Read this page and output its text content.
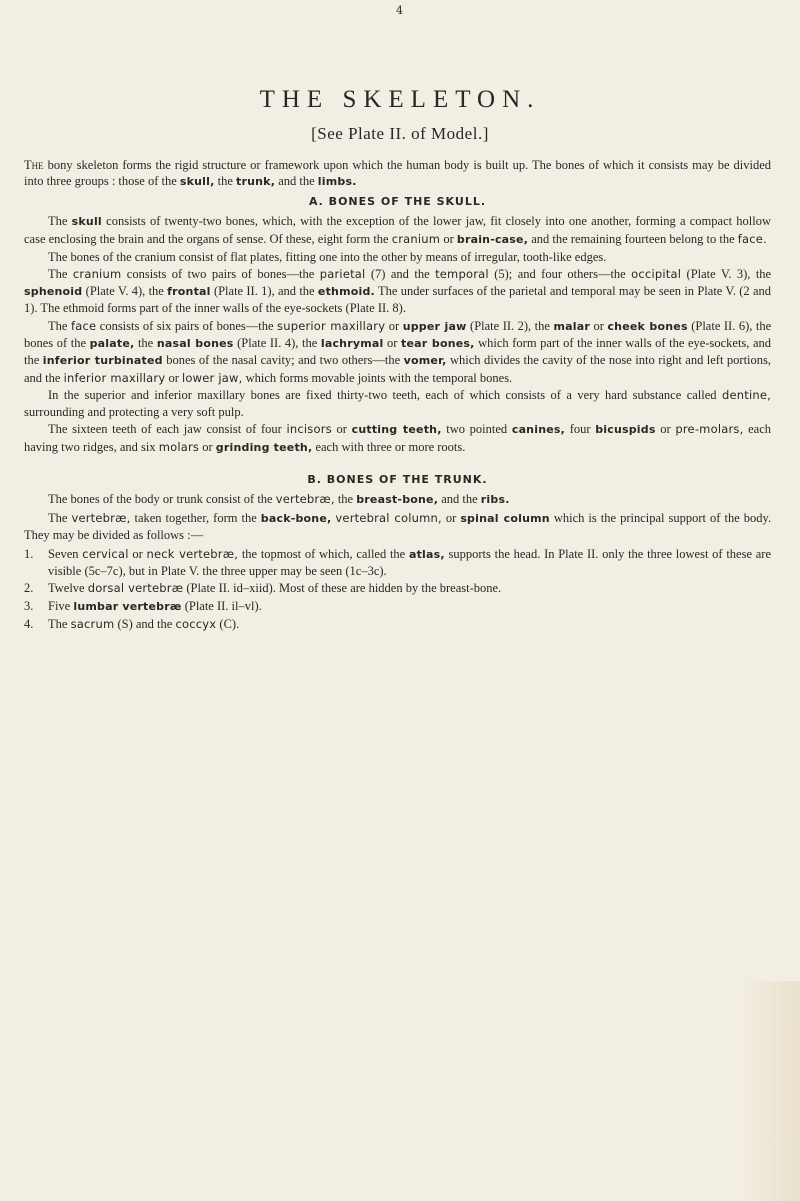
4
THE SKELETON.
[See Plate II. of Model.]

The bony skeleton forms the rigid structure or framework upon which the human body is built up. The bones of which it consists may be divided into three groups : those of the skull, the trunk, and the limbs.

A. BONES OF THE SKULL.

The skull consists of twenty-two bones, which, with the exception of the lower jaw, fit closely into one another, forming a compact hollow case enclosing the brain and the organs of sense. Of these, eight form the cranium or brain-case, and the remaining fourteen belong to the face.

The bones of the cranium consist of flat plates, fitting one into the other by means of irregular, tooth-like edges.

The cranium consists of two pairs of bones—the parietal (7) and the temporal (5); and four others—the occipital (Plate V. 3), the sphenoid (Plate V. 4), the frontal (Plate II. 1), and the ethmoid. The under surfaces of the parietal and temporal may be seen in Plate V. (2 and 1). The ethmoid forms part of the inner walls of the eye-sockets (Plate II. 8).

The face consists of six pairs of bones—the superior maxillary or upper jaw (Plate II. 2), the malar or cheek bones (Plate II. 6), the bones of the palate, the nasal bones (Plate II. 4), the lachrymal or tear bones, which form part of the inner walls of the eye-sockets, and the inferior turbinated bones of the nasal cavity; and two others—the vomer, which divides the cavity of the nose into right and left portions, and the inferior maxillary or lower jaw, which forms movable joints with the temporal bones.

In the superior and inferior maxillary bones are fixed thirty-two teeth, each of which consists of a very hard substance called dentine, surrounding and protecting a very soft pulp.

The sixteen teeth of each jaw consist of four incisors or cutting teeth, two pointed canines, four bicuspids or pre-molars, each having two ridges, and six molars or grinding teeth, each with three or more roots.

B. BONES OF THE TRUNK.

The bones of the body or trunk consist of the vertebræ, the breast-bone, and the ribs.

The vertebræ, taken together, form the back-bone, vertebral column, or spinal column which is the principal support of the body. They may be divided as follows :—

1. Seven cervical or neck vertebræ, the topmost of which, called the atlas, supports the head. In Plate II. only the three lowest of these are visible (5c–7c), but in Plate V. the three upper may be seen (1c–3c).
2. Twelve dorsal vertebræ (Plate II. id–xiid). Most of these are hidden by the breast-bone.
3. Five lumbar vertebræ (Plate II. il–vl).
4. The sacrum (S) and the coccyx (C).
